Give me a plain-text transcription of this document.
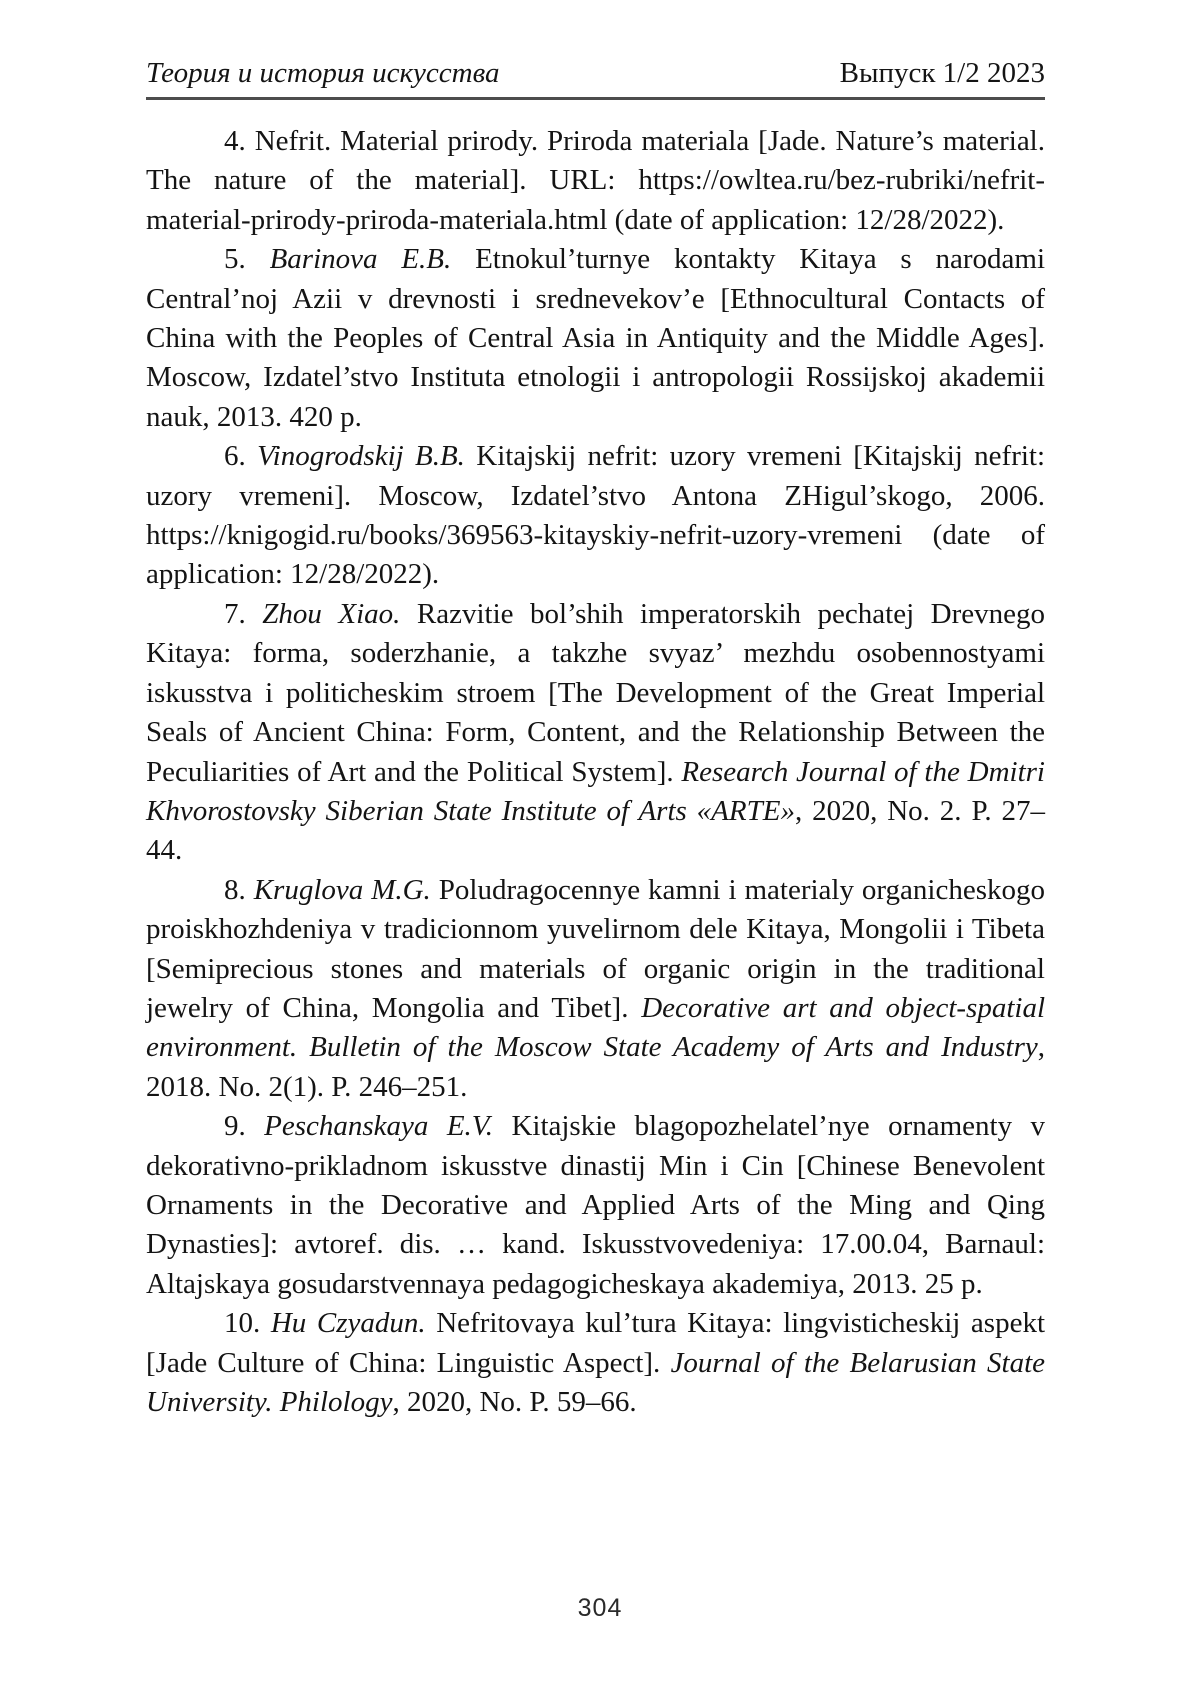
Теория и история искусства	Выпуск 1/2 2023

4. Nefrit. Material prirody. Priroda materiala [Jade. Nature’s material. The nature of the material]. URL: https://owltea.ru/bez-rubriki/nefrit-material-prirody-priroda-materiala.html (date of application: 12/28/2022).

5. Barinova E.B. Etnokul’turnye kontakty Kitaya s narodami Central’noj Azii v drevnosti i srednevekov’e [Ethnocultural Contacts of China with the Peoples of Central Asia in Antiquity and the Middle Ages]. Moscow, Izdatel’stvo Instituta etnologii i antropologii Rossijskoj akademii nauk, 2013. 420 p.

6. Vinogrodskij B.B. Kitajskij nefrit: uzory vremeni [Kitajskij nefrit: uzory vremeni]. Moscow, Izdatel’stvo Antona ZHigul’skogo, 2006. https://knigogid.ru/books/369563-kitayskiy-nefrit-uzory-vremeni (date of application: 12/28/2022).

7. Zhou Xiao. Razvitie bol’shih imperatorskih pechatej Drevnego Kitaya: forma, soderzhanie, a takzhe svyaz’ mezhdu osobennostyami iskusstva i politicheskim stroem [The Development of the Great Imperial Seals of Ancient China: Form, Content, and the Relationship Between the Peculiarities of Art and the Political System]. Research Journal of the Dmitri Khvorostovsky Siberian State Institute of Arts «ARTE», 2020, No. 2. P. 27–44.

8. Kruglova M.G. Poludragocennye kamni i materialy organicheskogo proiskhozhdeniya v tradicionnom yuvelirnom dele Kitaya, Mongolii i Tibeta [Semiprecious stones and materials of organic origin in the traditional jewelry of China, Mongolia and Tibet]. Decorative art and object-spatial environment. Bulletin of the Moscow State Academy of Arts and Industry, 2018. No. 2(1). P. 246–251.

9. Peschanskaya E.V. Kitajskie blagopozhelatel’nye ornamenty v dekorativno-prikladnom iskusstve dinastij Min i Cin [Chinese Benevolent Ornaments in the Decorative and Applied Arts of the Ming and Qing Dynasties]: avtoref. dis. … kand. Iskusstvovedeniya: 17.00.04, Barnaul: Altajskaya gosudarstvennaya pedagogicheskaya akademiya, 2013. 25 p.

10. Hu Czyadun. Nefritovaya kul’tura Kitaya: lingvisticheskij aspekt [Jade Culture of China: Linguistic Aspect]. Journal of the Belarusian State University. Philology, 2020, No. P. 59–66.

304
